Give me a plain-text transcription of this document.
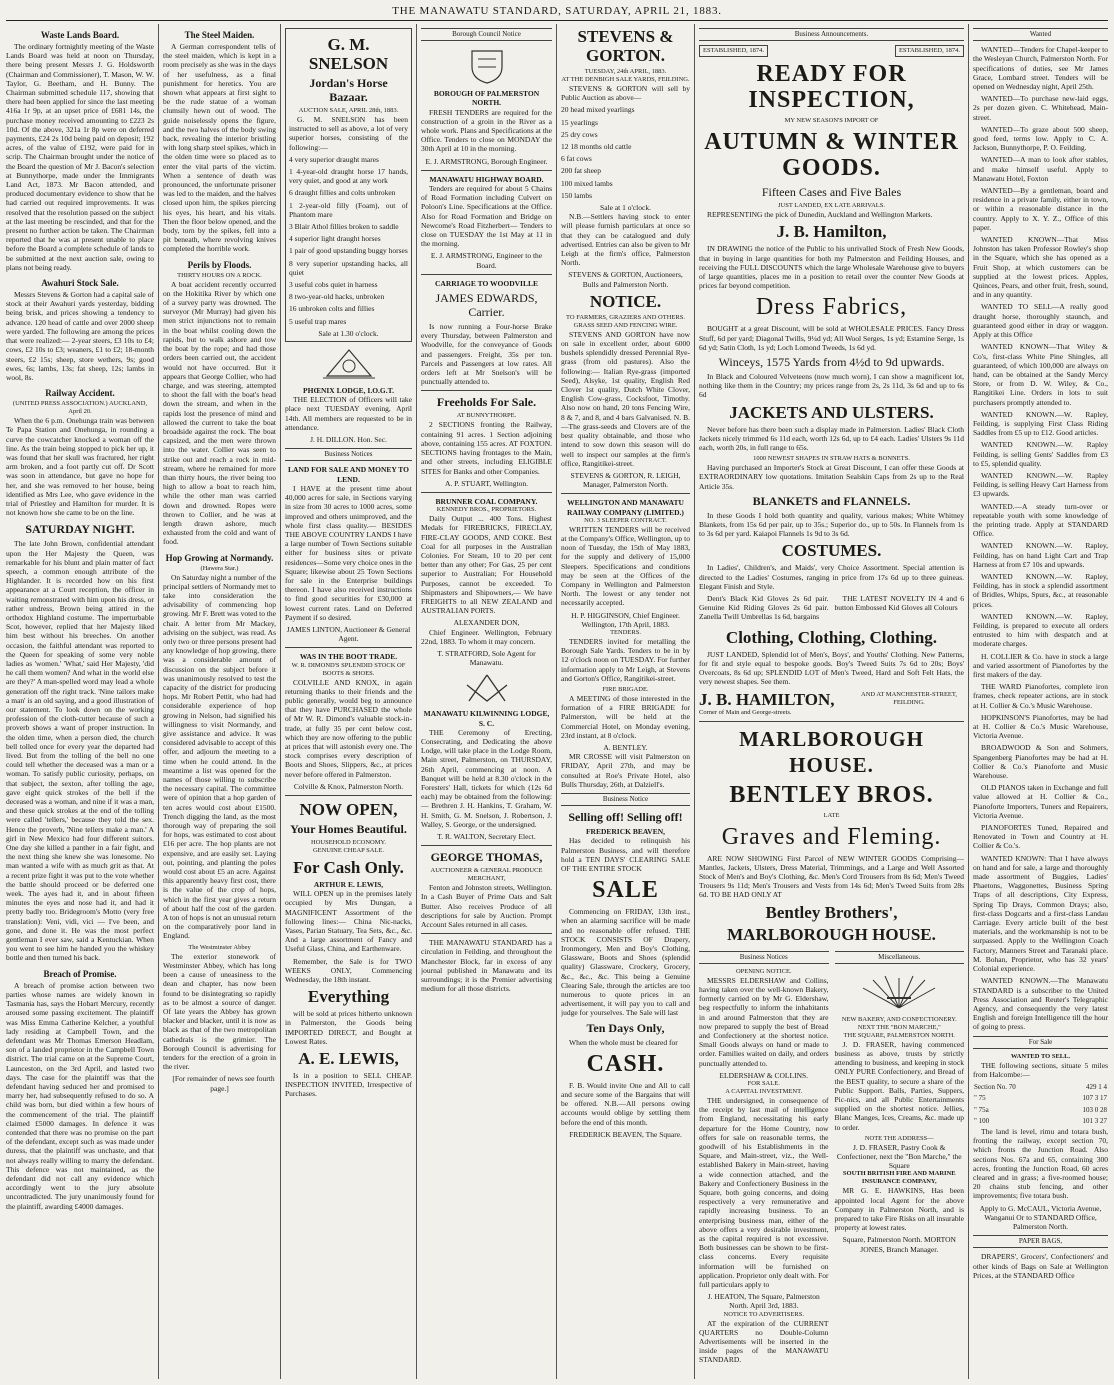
THE MANAWATU STANDARD, SATURDAY, APRIL 21, 1883.
Waste Lands Board.

The ordinary fortnightly meeting of the Waste Lands Board was held at noon on Thursday, there being present Messrs J. G. Holdsworth (Chairman and Commissioner), T. Mason, W. W. Taylor, G. Beetham, and H. Bunny. The Chairman submitted schedule 117, showing that there had been applied for since the last meeting 416a 1r 9p, at an upset price of £681 14s, the purchase money received amounting to £223 2s 10d. Of the above, 321a 1r 8p were on deferred payments, £24 2s 10d being paid on deposit; 192 acres, of the value of £192, were paid for in scrip. The Chairman brought under the notice of the Board the question of Mr J. Bacon's selection at Bunnythorpe, made under the Immigrants Land Act, 1873. Mr Bacon attended, and produced documentary evidence to show that he had carried out required improvements. It was resolved that the resolution passed on the subject at the last meeting be rescinded, and that for the present no further action be taken. The Chairman reported that he was at present unable to place before the Board a complete schedule of lands to be submitted at the next auction sale, owing to plans not being ready.

Awahuri Stock Sale.

Messrs Stevens & Gorton had a capital sale of stock at their Awahuri yards yesterday, bidding being brisk, and prices showing a tendency to advance. 120 head of cattle and over 2000 sheep were yarded. The following are among the prices that were realized:— 2-year steers, £3 10s to £4; cows, £2 10s to £3; weaners, £1 to £2; 18-month steers, £2 15s; sheep, store wethers, 9s; good ewes, 6s; lambs, 13s; fat sheep, 12s; lambs in wool, 8s.

Railway Accident.
(UNITED PRESS ASSOCIATION.) AUCKLAND, April 20.

When the 6 p.m. Onehunga train was between Te Papa Station and Onehunga, in rounding a curve the cowcatcher knocked a woman off the line. As the train being stopped to pick her up, it was found that her skull was fractured, her right arm broken, and a foot partly cut off. Dr Scott was soon in attendance, but gave no hope for her, and she was removed to her house, being identified as Mrs Lee, who gave evidence in the trial of Priestley and Hamilton for murder. It is not known how she came to be on the line.

SATURDAY NIGHT.

The late John Brown, confidential attendant upon the Her Majesty the Queen, was remarkable for his blunt and plain matter of fact speech, a common enough attribute of the Highlander. It is recorded how on his first appearance at a Court reception, the officer in waiting remonstrated with him upon his dress, or rather undress, Brown being attired in the orthodox Highland costume. The imperturbable Scot, however, replied that her Majesty liked him best without his breeches. On another occasion, the faithful attendant was reported to the Queen for speaking of some very noble ladies as 'women.' 'What,' said Her Majesty, 'did he call them women? And what in the world else are they?' A man-spelled word may lead a whole generation off the right track. 'Nine tailors make a man' is an old saying, and a good illustration of our statement. To look down on the working profession of the cloth-cutter because of such a proverb shows a want of proper instruction. In the olden time, when a person died, the church bell tolled once for every year the departed had lived. But from the tolling of the bell no one could tell whether the deceased was a man or a woman. To satisfy public curiosity, perhaps, on that subject, the sexton, after tolling the age, gave eight quick strokes of the bell if the deceased was a woman, and nine if it was a man, and these quick strokes at the end of the tolling were called 'tellers,' because they told the sex. Hence the proverb, 'Nine tellers make a man.' A girl in New Mexico had four different suitors. One day she killed a panther in a fair fight, and the next thing she knew she was lonesome. No man wanted a wife with as much grit as that. At a recent prize fight it was put to the vote whether the battle should proceed or be deferred one week. The ayes had it, and in about fifteen minutes the eyes and nose had it, and had it pretty badly too. Bridegroom's Motto (very free translation): Veni, vidi, vici — I've been, and gone, and done it. He was the most perfect gentleman I ever saw, said a Kentuckian. When you went to see him he handed you the whiskey bottle and then turned his back.

Breach of Promise.

A breach of promise action between two parties whose names are widely known in Tasmania has, says the Hobart Mercury, recently aroused some passing excitement. The plaintiff was Miss Emma Catherine Kelcher, a youthful lady residing at Campbell Town, and the defendant was Mr Thomas Emerson Headlam, son of a landed proprietor in the Campbell Town district. The trial came on at the Supreme Court, Launceston, on the 3rd April, and lasted two days. The case for the plaintiff was that the defendant having seduced her and promised to marry her, had subsequently refused to do so. A child was born, but died within a few hours of the commencement of the trial. The plaintiff claimed £5000 damages. In defence it was contended that there was no promise on the part of the defendant, except such as was made under duress, that the plaintiff was unchaste, and that not always really willing to marry the defendant. This defence was not maintained, as the defendant did not call any evidence which accordingly went to the jury absolute uncontradicted. The jury unanimously found for the plaintiff, awarding £4000 damages.

The Steel Maiden.

A German correspondent tells of the steel maiden, which is kept in a room precisely as she was in the days of her usefulness, as a final punishment for heretics. You are shown what appears at first sight to be the rude statue of a woman clumsily hewn out of wood. The guide noiselessly opens the figure, and the two halves of the body swing back, revealing the interior bristling with long sharp steel spikes, which in the olden time were so placed as to enter the vital parts of the victim. When a sentence of death was pronounced, the unfortunate prisoner was led to the maiden, and the halves closed upon him, the spikes piercing his eyes, his heart, and his vitals. Then the floor below opened, and the body, torn by the spikes, fell into a pit beneath, where revolving knives completed the horrible work.

Perils by Floods.
THIRTY HOURS ON A ROCK.

A boat accident recently occurred on the Hokitika River by which one of a survey party was drowned. The surveyor (Mr Murray) had given his men strict injunctions not to remain in the boat whilst cooling down the rapids, but to walk ashore and tow the boat by the rope; and had those orders been carried out, the accident would not have occurred. But it appears that George Collier, who had charge, and was steering, attempted to shoot the fall with the boat's head down the stream, and when in the rapids lost the presence of mind and allowed the current to take the boat broadside against the rock. The boat capsized, and the men were thrown into the water. Collier was seen to strike out and reach a rock in mid-stream, where he remained for more than thirty hours, the river being too high to allow a boat to reach him, while the other man was carried down and drowned. Ropes were thrown to Collier, and he was at length drawn ashore, much exhausted from the cold and want of food.

Hop Growing at Normandy.
(Hawera Star.)

On Saturday night a number of the principal settlers of Normandy met to take into consideration the advisability of commencing hop growing. Mr F. Brett was voted to the chair. A letter from Mr Mackey, advising on the subject, was read. As only two or three persons present had any knowledge of hop growing, there was a considerable amount of discussion on the subject before it was unanimously resolved to test the capacity of the district for producing hops. Mr Robert Pettit, who had had considerable experience of hop growing in Nelson, had signified his willingness to visit Normandy, and give assistance and advice. It was considered advisable to accept of this offer, and adjourn the meeting to a time when he could attend. In the meantime a list was opened for the names of those willing to subscribe the necessary capital. The committee were of opinion that a hop garden of ten acres would cost about £1500. Trench digging the land, as the most thorough way of preparing the soil for hops, was estimated to cost about £16 per acre. The hop plants are not expensive, and are easily set. Laying out, pointing, and planting the poles would cost about £5 an acre. Against this apparently heavy first cost, there is the value of the crop of hops, which in the first year gives a return of about half the cost of the garden. A ton of hops is not an unusual return on the comparatively poor land in England.

The Westminster Abbey

The exterior stonework of Westminster Abbey, which has long been a cause of uneasiness to the dean and chapter, has now been found to be disintegrating so rapidly as to be almost a source of danger. Of late years the Abbey has grown blacker and blacker, until it is now as black as that of the two metropolitan cathedrals is the grimier. The Borough Council is advertising for tenders for the erection of a groin in the river.

[For remainder of news see fourth page.]

G. M. SNELSON
Jordan's Horse Bazaar.
AUCTION SALE, APRIL 28th, 1883.

G. M. SNELSON has been instructed to sell as above, a lot of very superior horses, consisting of the following:—

4 very superior draught mares

1 4-year-old draught horse 17 hands, very quiet, and good at any work

6 draught fillies and colts unbroken

1 2-year-old filly (Foam), out of Phantom mare

3 Blair Athol fillies broken to saddle

4 superior light draught horses

1 pair of good upstanding buggy horses

8 very superior upstanding hacks, all quiet

3 useful cobs quiet in harness

8 two-year-old hacks, unbroken

16 unbroken colts and fillies

5 useful trap mares

Sale at 1.30 o'clock.
PHŒNIX LODGE, I.O.G.T.

THE ELECTION of Officers will take place next TUESDAY evening, April 14th. All members are requested to be in attendance.

J. H. DILLON. Hon. Sec.
Business Notices
LAND FOR SALE AND MONEY TO LEND.

I HAVE at the present time about 40,000 acres for sale, in Sections varying in size from 30 acres to 1000 acres, some improved and others unimproved, and the whole first class quality.— BESIDES THE ABOVE COUNTRY LANDS I have a large number of Town Sections suitable either for business sites or private residences—Some very choice ones in the Square; likewise about 25 Town Sections for sale in the Enterprise buildings thereon. I have also received instructions to find good securities for £30,000 at lowest current rates. Land on Deferred Payment if so desired.

JAMES LINTON, Auctioneer & General Agent.
WAS IN THE BOOT TRADE.
W. R. DIMOND'S SPLENDID STOCK OF BOOTS & SHOES.

COLVILLE AND KNOX, in again returning thanks to their friends and the public generally, would beg to announce that they have PURCHASED the whole of Mr W. R. Dimond's valuable stock-in-trade, at fully 35 per cent below cost, which they are now offering to the public at prices that will astonish every one. The stock comprises every description of Boots and Shoes, Slippers, &c., at prices never before offered in Palmerston.

Colville & Knox, Palmerston North.
NOW OPEN,
Your Homes Beautiful.
HOUSEHOLD ECONOMY.
GENUINE CHEAP SALE.
For Cash Only.
ARTHUR E. LEWIS,

WILL OPEN up in the premises lately occupied by Mrs Dungan, a MAGNIFICENT Assortment of the following lines:— China Nic-nacks, Vases, Parian Statuary, Tea Sets, &c., &c. And a large assortment of Fancy and Useful Glass, China, and Earthenware.

Remember, the Sale is for TWO WEEKS ONLY, Commencing Wednesday, the 18th instant.

Everything

will be sold at prices hitherto unknown in Palmerston, the Goods being IMPORTED DIRECT, and Bought at Lowest Rates.

A. E. LEWIS,

Is in a position to SELL CHEAP. INSPECTION INVITED, Irrespective of Purchases.

Borough Council Notice
BOROUGH OF PALMERSTON NORTH.

FRESH TENDERS are required for the construction of a groin in the River as a whole work. Plans and Specifications at the Office. Tenders to close on MONDAY the 30th April at 10 in the morning.

E. J. ARMSTRONG, Borough Engineer.
MANAWATU HIGHWAY BOARD.

Tenders are required for about 5 Chains of Road Formation including Culvert on Poloon's Line. Specifications at the Office. Also for Road Formation and Bridge on Newcome's Road Fitzherbert— Tenders to close on TUESDAY the 1st May at 11 in the morning.

E. J. ARMSTRONG, Engineer to the Board.
CARRIAGE TO WOODVILLE
JAMES EDWARDS, Carrier.

Is now running a Four-horse Brake every Thursday, between Palmerston and Woodville, for the conveyance of Goods and passengers. Freight, 35s per ton. Parcels and Passengers at low rates. All orders left at Mr Snelson's will be punctually attended to.

Freeholds For Sale.
AT BUNNYTHORPE.

2 SECTIONS fronting the Railway, containing 91 acres. 1 Section adjoining above, containing 155 acres. AT FOXTON. SECTIONS having frontages to the Main, and other streets, including ELIGIBLE SITES for Banks and other Companies.

A. P. STUART, Wellington.
BRUNNER COAL COMPANY.
KENNEDY BROS., PROPRIETORS.

Daily Output ... 400 Tons. Highest Medals for FIREBRICKS, FIRECLAY, FIRE-CLAY GOODS, AND COKE. Best Coal for all purposes in the Australian Colonies. For Steam, 10 to 20 per cent better than any other; For Gas, 25 per cent superior to Australian; For Household Purposes, cannot be exceeded. To Shipmasters and Shipowners,— We have FREIGHTS to all NEW ZEALAND and AUSTRALIAN PORTS.

ALEXANDER DON,

Chief Engineer. Wellington, February 22nd, 1883. To whom it may concern.

T. STRATFORD, Sole Agent for Manawatu.
MANAWATU KILWINNING LODGE, S. C.

THE Ceremony of Erecting, Consecrating, and Dedicating the above Lodge, will take place in the Lodge Room, Main street, Palmerston, on THURSDAY, 26th April, commencing at noon. A Banquet will be held at 8.30 o'clock in the Foresters' Hall, tickets for which (12s 6d each) may be obtained from the following:— Brethren J. H. Hankins, T. Graham, W. H. Smith, G. M. Snelson, J. Robertson, J. Walley, S. George, or the undersigned.

T. R. WALTON, Secretary Elect.
GEORGE THOMAS,
AUCTIONEER & GENERAL PRODUCE MERCHANT,

Fenton and Johnston streets, Wellington. In a Cash Buyer of Prime Oats and Salt Butter. Also receives Produce of all descriptions for sale by Auction. Prompt Account Sales returned in all cases.

THE MANAWATU STANDARD has a circulation in Feilding, and throughout the Manchester Block, far in excess of any journal published in Manawatu and its surroundings; it is the Premier advertising medium for all those districts.

STEVENS & GORTON.
TUESDAY, 24th APRIL, 1883.
AT THE DENBIGH SALE YARDS, FEILDING.

STEVENS & GORTON will sell by Public Auction as above—

20 head mixed yearlings

15 yearlings

25 dry cows

12 18 months old cattle

6 fat cows

200 fat sheep

100 mixed lambs

150 lambs

Sale at 1 o'clock.

N.B.—Settlers having stock to enter will please furnish particulars at once so that they can be catalogued and duly advertised. Entries can also be given to Mr Leigh at the firm's office, Palmerston North.

STEVENS & GORTON, Auctioneers, Bulls and Palmerston North.
NOTICE.
TO FARMERS, GRAZIERS AND OTHERS.
GRASS SEED AND FENCING WIRE.

STEVENS AND GORTON have now on sale in excellent order, about 6000 bushels splendidly dressed Perennial Rye-grass (from old pastures). Also the following:— Italian Rye-grass (imported Seed), Alsyke, 1st quality, English Red Clover 1st quality, Dutch White Clover, English Cow-grass, Cocksfoot, Timothy. Also now on hand, 20 tons Fencing Wire, 8 & 7, and 8, and 4 bars Galvanised. N. B.—The grass-seeds and Clovers are of the best quality obtainable, and those who intend to sow down this season will do well to inspect our samples at the firm's office, Rangitikei-street.

STEVENS & GORTON, R. LEIGH, Manager, Palmerston North.
WELLINGTON AND MANAWATU RAILWAY COMPANY (LIMITED.)
NO. 3 SLEEPER CONTRACT.

WRITTEN TENDERS will be received at the Company's Office, Wellington, up to noon of Tuesday, the 15th of May 1883, for the supply and delivery of 15,000 Sleepers. Specifications and conditions may be seen at the Offices of the Company in Wellington and Palmerston North. The lowest or any tender not necessarily accepted.

H. P. HIGGINSON, Chief Engineer. Wellington, 17th April, 1883.
TENDERS.

TENDERS invited for metalling the Borough Sale Yards. Tenders to be in by 12 o'clock noon on TUESDAY. For further information apply to Mr Leigh, at Stevens and Gorton's Office, Rangitikei-street.

FIRE BRIGADE.

A MEETING of those interested in the formation of a FIRE BRIGADE for Palmerston, will be held at the Commercial Hotel, on Monday evening, 23rd instant, at 8 o'clock.

A. BENTLEY.

MR CROSSE will visit Palmerston on FRIDAY, April 27th, and may be consulted at Roe's Private Hotel, also Bulls Thursday, 26th, at Dalziell's.

Business Notice
Selling off! Selling off!
FREDERICK BEAVEN,

Has decided to relinquish his Palmerston Business, and will therefore hold a TEN DAYS' CLEARING SALE OF THE ENTIRE STOCK

SALE

Commencing on FRIDAY, 13th inst., when an alarming sacrifice will be made and no reasonable offer refused. THE STOCK CONSISTS OF Drapery, Ironmongery, Men and Boy's Clothing, Glassware, Boots and Shoes (splendid quality) Glassware, Crockery, Grocery, &c., &c., &c. This being a Genuine Clearing Sale, through the articles are too numerous to quote prices in an advertisement, it will pay you to call and judge for yourselves. The Sale will last

Ten Days Only,

When the whole must be cleared for

CASH.

F. B. Would invite One and All to call and secure some of the Bargains that will be offered. N.B.—All persons owing accounts would oblige by settling them before the end of this month.

FREDERICK BEAVEN, The Square.
Business Announcements.
ESTABLISHED, 1874.	ESTABLISHED, 1874.
READY FOR INSPECTION,
MY NEW SEASON'S IMPORT OF
AUTUMN & WINTER GOODS.
Fifteen Cases and Five Bales
JUST LANDED, EX LATE ARRIVALS.

REPRESENTING the pick of Dunedin, Auckland and Wellington Markets.

J. B. Hamilton,

IN DRAWING the notice of the Public to his unrivalled Stock of Fresh New Goods, that in buying in large quantities for both my Palmerston and Feilding Houses, and receiving the FULL DISCOUNTS which the large Wholesale Warehouse give to buyers of large quantities, places me in a position to retail over the counter New Goods at prices far beyond competition.

Dress Fabrics,

BOUGHT at a great Discount, will be sold at WHOLESALE PRICES. Fancy Dress Stuff, 6d per yard; Diagonal Twills, 9¼d yd; All Wool Serges, 1s yd; Estamine Serge, 1s 6d yd; Satin Cloth, 1s yd; Loch Lomond Tweeds, 1s 6d yd.

Winceys, 1575 Yards from 4½d to 9d upwards.

In Black and Coloured Velveteens (now much worn), I can show a magnificent lot, nothing like them in the Country; my prices range from 2s, 2s 11d, 3s 6d and up to 6s 6d

JACKETS AND ULSTERS.

Never before has there been such a display made in Palmerston. Ladies' Black Cloth Jackets nicely trimmed 6s 11d each, worth 12s 6d, up to £4 each. Ladies' Ulsters 9s 11d each, worth 20s, in full range to 65s.

1000 NEWEST SHAPES IN STRAW HATS & BONNETS.

Having purchased an Importer's Stock at Great Discount, I can offer these Goods at EXTRAORDINARY low quotations. Imitation Sealskin Caps from 2s up to the Real Article 35s.

BLANKETS and FLANNELS.

In these Goods I hold both quantity and quality, various makes; White Whitney Blankets, from 15s 6d per pair, up to 35s.; Superior do., up to 50s. In Flannels from 1s to 3s 6d per yard. Kaiapoi Flannels 1s 9d to 3s 6d.

COSTUMES.

In Ladies', Children's, and Maids', very Choice Assortment. Special attention is directed to the Ladies' Costumes, ranging in price from 17s 6d up to three guineas. Elegant Finish and Style.

Dent's Black Kid Gloves 2s 6d pair. Genuine Kid Riding Gloves 2s 6d pair. Zanella Twill Umbrellas 1s 6d, bargains

THE LATEST NOVELTY IN 4 and 6 button Embossed Kid Gloves all Colours

Clothing, Clothing, Clothing.

JUST LANDED, Splendid lot of Men's, Boys', and Youths' Clothing. New Patterns, for fit and style equal to bespoke goods. Boy's Tweed Suits 7s 6d to 20s; Boys' Overcoats, 8s 6d up; SPLENDID LOT of Men's Tweed, Hard and Soft Felt Hats, the very newest shapes. See them.

J. B. HAMILTON,	AND AT MANCHESTER-STREET, FEILDING.
Corner of Main and George-streets.
MARLBOROUGH HOUSE.
BENTLEY BROS.
LATE
Graves and Fleming.

ARE NOW SHOWING First Parcel of NEW WINTER GOODS Comprising—Mantles, Jackets, Ulsters, Dress Material, Trimmings, and a Large and Well Assorted Stock of Men's and Boy's Clothing, &c. Men's Cord Trousers from 8s 6d; Men's Tweed Trousers 9s 11d; Men's Trousers and Vests from 14s 6d; Men's Tweed Suits from 28s 6d. TO BE HAD ONLY AT

Bentley Brothers',
MARLBOROUGH HOUSE.
Business Notices
OPENING NOTICE.

MESSRS ELDERSHAW and Collins, having taken over the well-known Bakery, formerly carried on by Mr G. Eldershaw, beg respectfully to inform the inhabitants in and around Palmerston that they are now prepared to supply the best of Bread and Confectionery at the shortest notice. Small Goods always on hand or made to order. Families waited on daily, and orders punctually attended to.

ELDERSHAW & COLLINS.
FOR SALE.
A CAPITAL INVESTMENT.

THE undersigned, in consequence of the receipt by last mail of intelligence from England, necessitating his early departure for the Home Country, now offers for sale on reasonable terms, the goodwill of his Establishments in the Square, and Main-street, viz., the Well-established Bakery in Main-street, having a wide connection attached, and the Bakery and Confectionery Business in the Square, both going concerns, and doing respectively a very remunerative and rapidly increasing business. To an enterprising business man, either of the above offers a very desirable investment, as the capital required is not excessive. Both businesses can be shown to be first-class concerns. Every requisite information will be furnished on application. Proprietor only dealt with. For full particulars apply to

J. HEATON, The Square, Palmerston North. April 3rd, 1883.
NOTICE TO ADVERTISERS.

AT the expiration of the CURRENT QUARTERS no Double-Column Advertisements will be inserted in the inside pages of the MANAWATU STANDARD.

Miscellaneous.
NEW BAKERY, AND CONFECTIONERY.
NEXT THE "BON MARCHE,"
THE SQUARE, PALMERSTON NORTH.

J. D. FRASER, having commenced business as above, trusts by strictly attending to business, and keeping in stock ONLY PURE Confectionery, and Bread of the BEST quality, to secure a share of the Public Support. Balls, Parties, Suppers, Pic-nics, and all Public Entertainments supplied on the shortest notice. Jellies, Blanc Manges, Ices, Creams, &c. made up to order.

NOTE THE ADDRESS—
J. D. FRASER, Pastry Cook & Confectioner, next the "Bon Marche," the Square
SOUTH BRITISH FIRE AND MARINE INSURANCE COMPANY,

MR G. E. HAWKINS, Has been appointed local Agent for the above Company in Palmerston North, and is prepared to take Fire Risks on all insurable property at lowest rates.

Square, Palmerston North. MORTON JONES, Branch Manager.
Wanted

WANTED—Tenders for Chapel-keeper to the Wesleyan Church, Palmerston North. For specifications of duties, see Mr James Grace, Lombard street. Tenders will be opened on Wednesday night, April 25th.

WANTED—To purchase new-laid eggs, 2s per dozen given. C. Whitehead, Main-street.

WANTED—To graze about 500 sheep, good feed, terms low. Apply to C. A. Jackson, Bunnythorpe, P. O. Feilding.

WANTED—A man to look after stables, and make himself useful. Apply to Manawatu Hotel, Foxton

WANTED—By a gentleman, board and residence in a private family, either in town, or within a reasonable distance in the country. Apply to X. Y. Z., Office of this paper.

WANTED KNOWN—That Miss Johnston has taken Professor Rowley's shop in the Square, which she has opened as a Fruit Shop, at which customers can be supplied at the lowest prices. Apples, Quinces, Pears, and other fruit, fresh, sound, and in any quantity.

WANTED TO SELL—A really good draught horse, thoroughly staunch, and guaranteed good either in dray or waggon. Apply at this Office

WANTED KNOWN—That Wiley & Co's, first-class White Pine Shingles, all guaranteed, of which 100,000 are always on hand, can be obtained at the Sandy Mercy Store, or from D. W. Wiley, & Co., Rangitikei Line. Orders in lots to suit purchasers promptly attended to.

WANTED KNOWN.—W. Rapley, Feilding, is supplying First Class Riding Saddles from £5 up to £12. Good articles.

WANTED KNOWN.—W. Rapley Feilding, is selling Gents' Saddles from £3 to £5, splendid quality.

WANTED KNOWN.—W. Rapley Feilding, is selling Heavy Cart Harness from £3 upwards.

WANTED.—A steady turn-over or repeatable youth with some knowledge of the printing trade. Apply at STANDARD Office.

WANTED KNOWN.—W. Rapley, Feilding, has on hand Light Cart and Trap Harness at from £7 10s and upwards.

WANTED KNOWN.—W. Rapley, Feilding, has in stock a splendid assortment of Bridles, Whips, Spurs, &c., at reasonable prices.

WANTED KNOWN.—W. Rapley, Feilding, is prepared to execute all orders entrusted to him with despatch and at moderate charges.

H. COLLIER & Co. have in stock a large and varied assortment of Pianofortes by the first makers of the day.

THE WARD Pianofortes, complete iron frames, check repeater actions, are in stock at H. Collier & Co.'s Music Warehouse.

HOPKINSON'S Pianofortes, may be had at H. Collier & Co.'s Music Warehouse, Victoria Avenue.

BROADWOOD & Son and Sohmers, Spangenberg Pianofortes may be had at H. Collier & Co.'s Pianoforte and Music Warehouse.

OLD PIANOS taken in Exchange and full value allowed at H. Collier & Co., Pianoforte Importers, Tuners and Repairers, Victoria Avenue.

PIANOFORTES Tuned, Repaired and Renovated in Town and Country at H. Collier & Co.'s.

WANTED KNOWN: That I have always on hand and for sale, a large and thoroughly made assortment of Buggies, Ladies' Phaetons, Waggonettes, Business Spring Traps of all descriptions, City Express, Spring Tip Drays, Common Drays; also, first-class Dogcarts and a first-class Landau Carriage. Every article built of the best materials, and the workmanship is not to be surpassed. Apply to the Wellington Coach Factory, Manners Street and Taranaki place. M. Bohan, Proprietor, who has 32 years' Colonial experience.

WANTED KNOWN.—The Manawatu STANDARD is a subscriber to the United Press Association and Reuter's Telegraphic Agency, and consequently the very latest English and foreign Intelligence till the hour of going to press.

For Sale
WANTED TO SELL.

THE following sections, situate 5 miles from Halcombe:—

Section No. 70	429 1 4
" 75	107 3 17
" 75a	103 0 28
" 100	101 3 27

The land is level, rimu and totara bush, fronting the railway, except section 70, which fronts the Junction Road. Also sections Nos. 67a and 65, containing 300 acres, fronting the Junction Road, 60 acres cleared and in grass; a five-roomed house; 20 chains stub fencing, and other improvements; five totara bush.

Apply to G. McCAUL, Victoria Avenue, Wanganui Or to STANDARD Office, Palmerston North.
PAPER BAGS,

DRAPERS', Grocers', Confectioners' and other kinds of Bags on Sale at Wellington Prices, at the STANDARD Office
